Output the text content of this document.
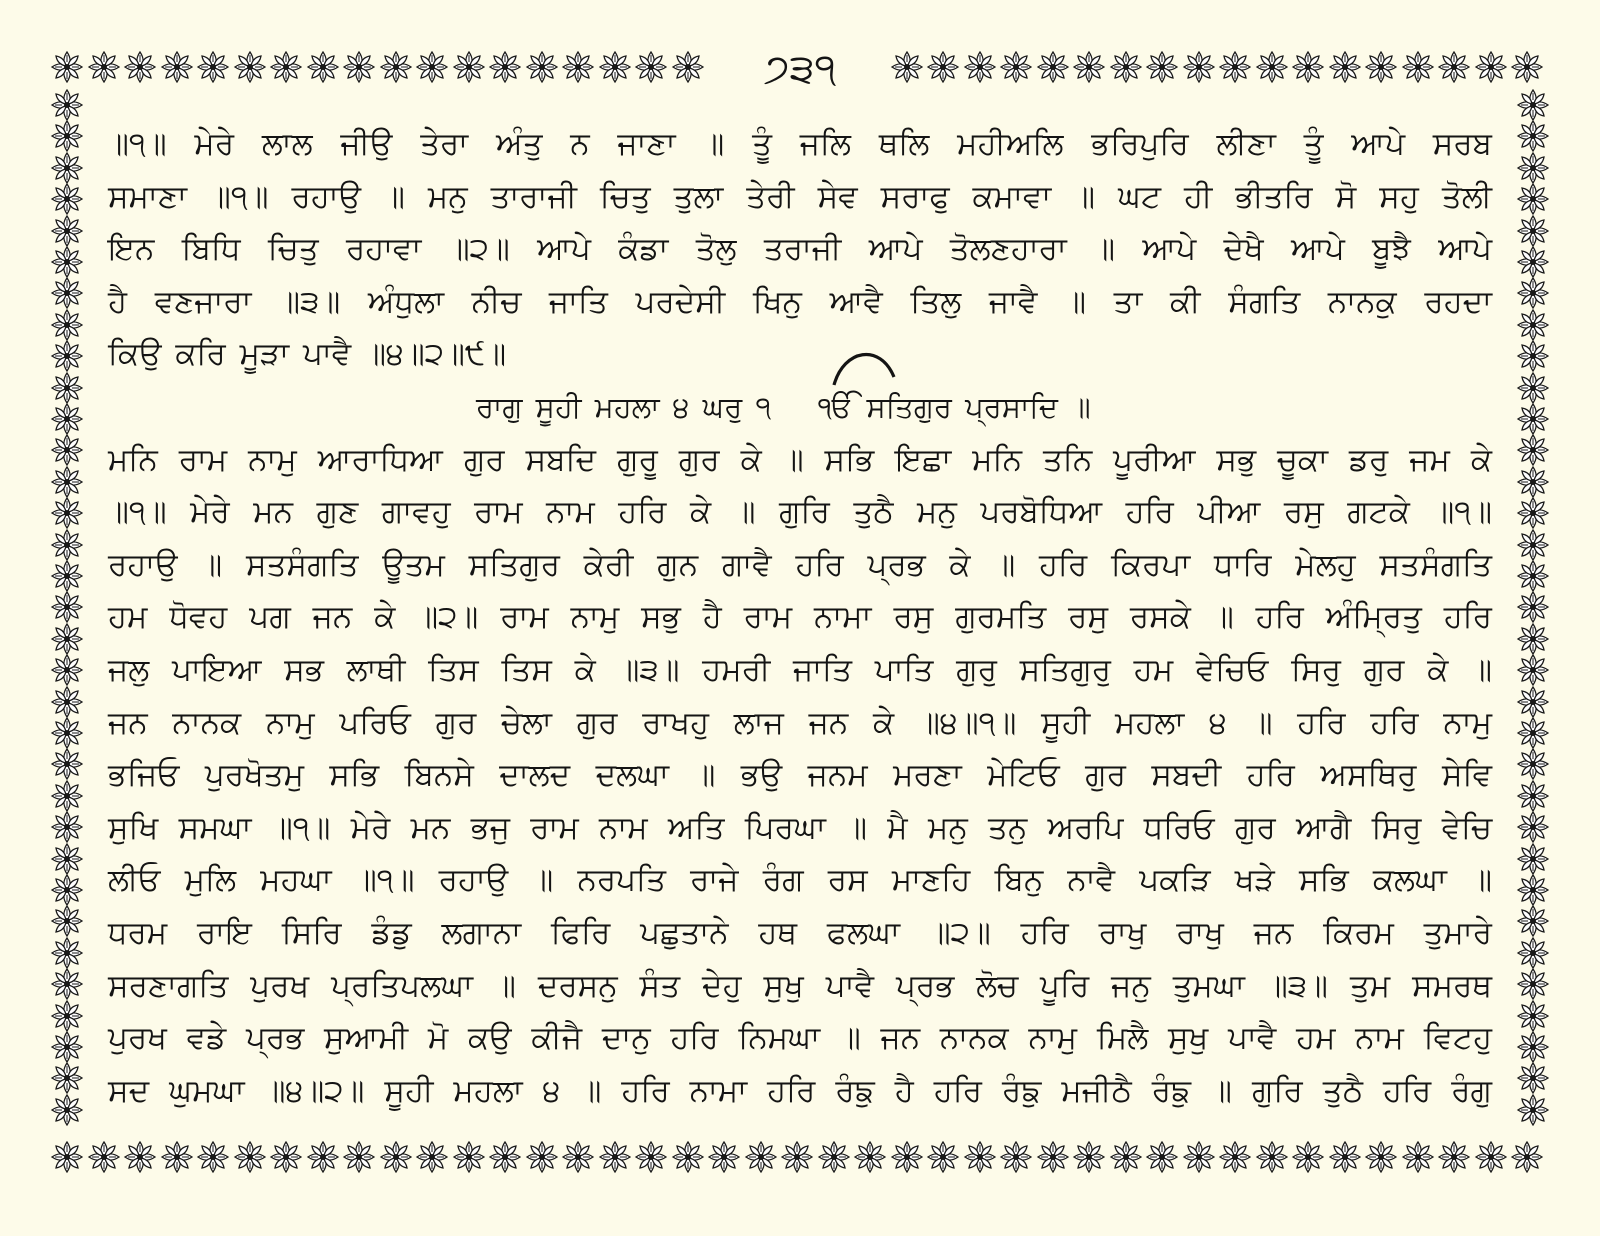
੭੩੧
॥੧॥ ਮੇਰੇ ਲਾਲ ਜੀਉ ਤੇਰਾ ਅੰਤੁ ਨ ਜਾਣਾ ॥ ਤੂੰ ਜਲਿ ਥਲਿ ਮਹੀਅਲਿ ਭਰਿਪੁਰਿ ਲੀਣਾ ਤੂੰ ਆਪੇ ਸਰਬ
ਸਮਾਣਾ ॥੧॥ ਰਹਾਉ ॥ ਮਨੁ ਤਾਰਾਜੀ ਚਿਤੁ ਤੁਲਾ ਤੇਰੀ ਸੇਵ ਸਰਾਫੁ ਕਮਾਵਾ ॥ ਘਟ ਹੀ ਭੀਤਰਿ ਸੋ ਸਹੁ ਤੋਲੀ
ਇਨ ਬਿਧਿ ਚਿਤੁ ਰਹਾਵਾ ॥੨॥ ਆਪੇ ਕੰਡਾ ਤੋਲੁ ਤਰਾਜੀ ਆਪੇ ਤੋਲਣਹਾਰਾ ॥ ਆਪੇ ਦੇਖੈ ਆਪੇ ਬੂਝੈ ਆਪੇ
ਹੈ ਵਣਜਾਰਾ ॥੩॥ ਅੰਧੁਲਾ ਨੀਚ ਜਾਤਿ ਪਰਦੇਸੀ ਖਿਨੁ ਆਵੈ ਤਿਲੁ ਜਾਵੈ ॥ ਤਾ ਕੀ ਸੰਗਤਿ ਨਾਨਕੁ ਰਹਦਾ
ਕਿਉ ਕਰਿ ਮੂੜਾ ਪਾਵੈ ॥੪॥੨॥੯॥
ਰਾਗੁ ਸੂਹੀ ਮਹਲਾ ੪ ਘਰੁ ੧ ੴ ਸਤਿਗੁਰ ਪ੍ਰਸਾਦਿ ॥
ਮਨਿ ਰਾਮ ਨਾਮੁ ਆਰਾਧਿਆ ਗੁਰ ਸਬਦਿ ਗੁਰੂ ਗੁਰ ਕੇ ॥ ਸਭਿ ਇਛਾ ਮਨਿ ਤਨਿ ਪੂਰੀਆ ਸਭੁ ਚੂਕਾ ਡਰੁ ਜਮ ਕੇ
॥੧॥ ਮੇਰੇ ਮਨ ਗੁਣ ਗਾਵਹੁ ਰਾਮ ਨਾਮ ਹਰਿ ਕੇ ॥ ਗੁਰਿ ਤੁਠੈ ਮਨੁ ਪਰਬੋਧਿਆ ਹਰਿ ਪੀਆ ਰਸੁ ਗਟਕੇ ॥੧॥
ਰਹਾਉ ॥ ਸਤਸੰਗਤਿ ਊਤਮ ਸਤਿਗੁਰ ਕੇਰੀ ਗੁਨ ਗਾਵੈ ਹਰਿ ਪ੍ਰਭ ਕੇ ॥ ਹਰਿ ਕਿਰਪਾ ਧਾਰਿ ਮੇਲਹੁ ਸਤਸੰਗਤਿ
ਹਮ ਧੋਵਹ ਪਗ ਜਨ ਕੇ ॥੨॥ ਰਾਮ ਨਾਮੁ ਸਭੁ ਹੈ ਰਾਮ ਨਾਮਾ ਰਸੁ ਗੁਰਮਤਿ ਰਸੁ ਰਸਕੇ ॥ ਹਰਿ ਅੰਮ੍ਰਿਤੁ ਹਰਿ
ਜਲੁ ਪਾਇਆ ਸਭ ਲਾਥੀ ਤਿਸ ਤਿਸ ਕੇ ॥੩॥ ਹਮਰੀ ਜਾਤਿ ਪਾਤਿ ਗੁਰੁ ਸਤਿਗੁਰੁ ਹਮ ਵੇਚਿਓ ਸਿਰੁ ਗੁਰ ਕੇ ॥
ਜਨ ਨਾਨਕ ਨਾਮੁ ਪਰਿਓ ਗੁਰ ਚੇਲਾ ਗੁਰ ਰਾਖਹੁ ਲਾਜ ਜਨ ਕੇ ॥੪॥੧॥ ਸੂਹੀ ਮਹਲਾ ੪ ॥ ਹਰਿ ਹਰਿ ਨਾਮੁ
ਭਜਿਓ ਪੁਰਖੋਤਮੁ ਸਭਿ ਬਿਨਸੇ ਦਾਲਦ ਦਲਘਾ ॥ ਭਉ ਜਨਮ ਮਰਣਾ ਮੇਟਿਓ ਗੁਰ ਸਬਦੀ ਹਰਿ ਅਸਥਿਰੁ ਸੇਵਿ
ਸੁਖਿ ਸਮਘਾ ॥੧॥ ਮੇਰੇ ਮਨ ਭਜੁ ਰਾਮ ਨਾਮ ਅਤਿ ਪਿਰਘਾ ॥ ਮੈ ਮਨੁ ਤਨੁ ਅਰਪਿ ਧਰਿਓ ਗੁਰ ਆਗੈ ਸਿਰੁ ਵੇਚਿ
ਲੀਓ ਮੁਲਿ ਮਹਘਾ ॥੧॥ ਰਹਾਉ ॥ ਨਰਪਤਿ ਰਾਜੇ ਰੰਗ ਰਸ ਮਾਣਹਿ ਬਿਨੁ ਨਾਵੈ ਪਕੜਿ ਖੜੇ ਸਭਿ ਕਲਘਾ ॥
ਧਰਮ ਰਾਇ ਸਿਰਿ ਡੰਡੁ ਲਗਾਨਾ ਫਿਰਿ ਪਛੁਤਾਨੇ ਹਥ ਫਲਘਾ ॥੨॥ ਹਰਿ ਰਾਖੁ ਰਾਖੁ ਜਨ ਕਿਰਮ ਤੁਮਾਰੇ
ਸਰਣਾਗਤਿ ਪੁਰਖ ਪ੍ਰਤਿਪਲਘਾ ॥ ਦਰਸਨੁ ਸੰਤ ਦੇਹੁ ਸੁਖੁ ਪਾਵੈ ਪ੍ਰਭ ਲੋਚ ਪੂਰਿ ਜਨੁ ਤੁਮਘਾ ॥੩॥ ਤੁਮ ਸਮਰਥ
ਪੁਰਖ ਵਡੇ ਪ੍ਰਭ ਸੁਆਮੀ ਮੋ ਕਉ ਕੀਜੈ ਦਾਨੁ ਹਰਿ ਨਿਮਘਾ ॥ ਜਨ ਨਾਨਕ ਨਾਮੁ ਮਿਲੈ ਸੁਖੁ ਪਾਵੈ ਹਮ ਨਾਮ ਵਿਟਹੁ
ਸਦ ਘੁਮਘਾ ॥੪॥੨॥ ਸੂਹੀ ਮਹਲਾ ੪ ॥ ਹਰਿ ਨਾਮਾ ਹਰਿ ਰੰਙੁ ਹੈ ਹਰਿ ਰੰਙੁ ਮਜੀਠੈ ਰੰਙੁ ॥ ਗੁਰਿ ਤੁਠੈ ਹਰਿ ਰੰਗੁ
